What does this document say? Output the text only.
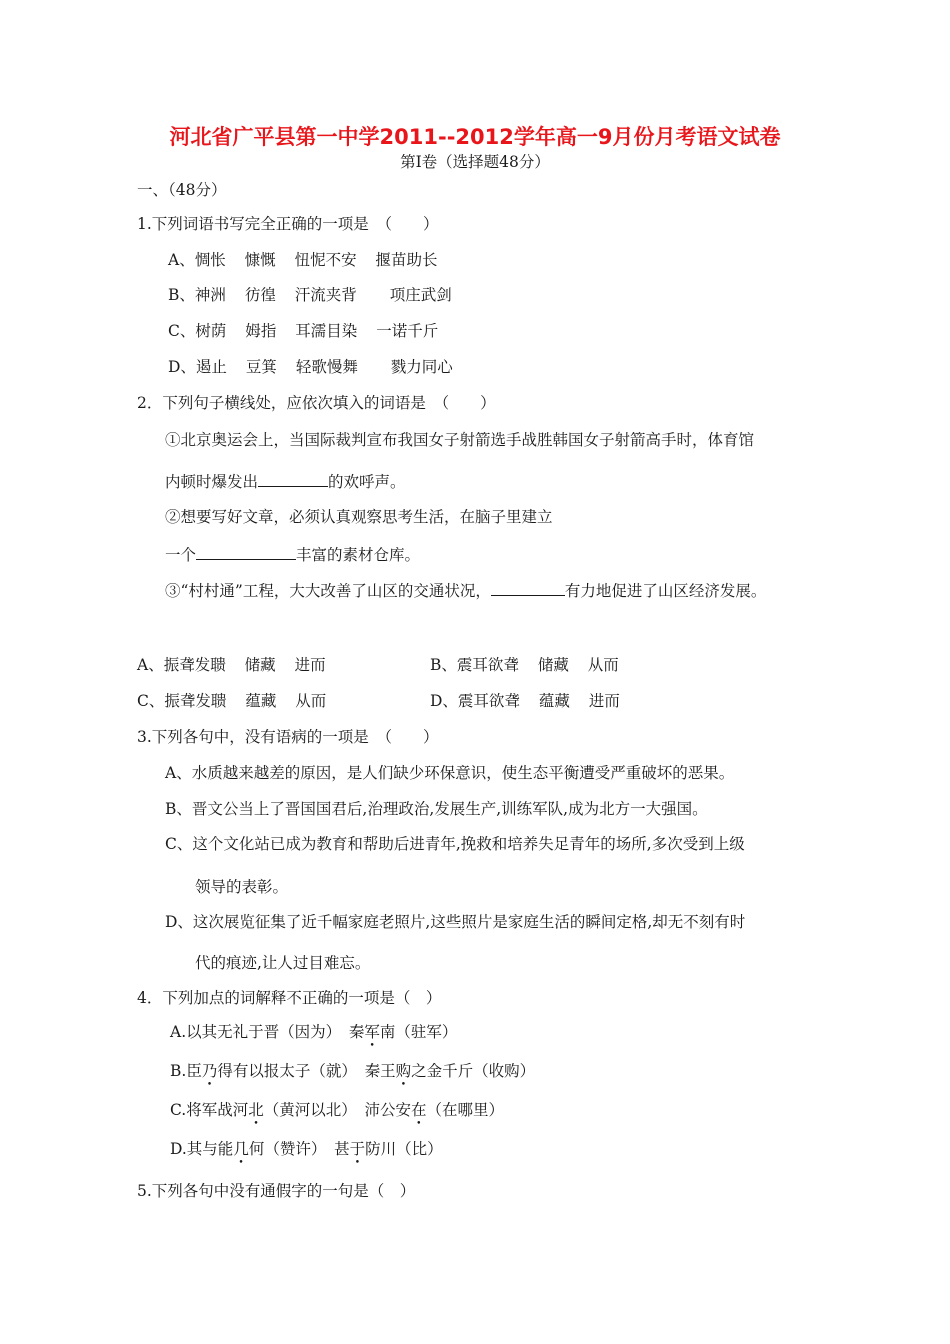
河北省广平县第一中学2011--2012学年高一9月份月考语文试卷
第Ⅰ卷（选择题48分）
一、（48分）
1.下列词语书写完全正确的一项是　（　　）
A、惆怅 慷慨 忸怩不安 揠苗助长
B、神洲 彷徨 汗流夹背 项庄武剑
C、树荫 姆指 耳濡目染 一诺千斤
D、遏止 豆箕 轻歌慢舞 戮力同心
2．下列句子横线处，应依次填入的词语是　（　　）
①北京奥运会上，当国际裁判宣布我国女子射箭选手战胜韩国女子射箭高手时，体育馆
内顿时爆发出	的欢呼声。
②想要写好文章，必须认真观察思考生活，在脑子里建立
一个	丰富的素材仓库。
③“村村通”工程，大大改善了山区的交通状况，	有力地促进了山区经济发展。
A、振聋发聩 储藏 进而	B、震耳欲聋 储藏 从而
C、振聋发聩 蕴藏 从而	D、震耳欲聋 蕴藏 进而
3.下列各句中，没有语病的一项是　（　　）
A、水质越来越差的原因，是人们缺少环保意识，使生态平衡遭受严重破坏的恶果。
B、晋文公当上了晋国国君后,治理政治,发展生产,训练军队,成为北方一大强国。
C、这个文化站已成为教育和帮助后进青年,挽救和培养失足青年的场所,多次受到上级
领导的表彰。
D、这次展览征集了近千幅家庭老照片,这些照片是家庭生活的瞬间定格,却无不刻有时
代的痕迹,让人过目难忘。
4．下列加点的词解释不正确的一项是（　）
A.以其无礼于晋（因为）　秦军南（驻军）
B.臣乃得有以报太子（就）　秦王购之金千斤（收购）
C.将军战河北（黄河以北）　沛公安在（在哪里）
D.其与能几何（赞许）　甚于防川（比）
5.下列各句中没有通假字的一句是（　）
